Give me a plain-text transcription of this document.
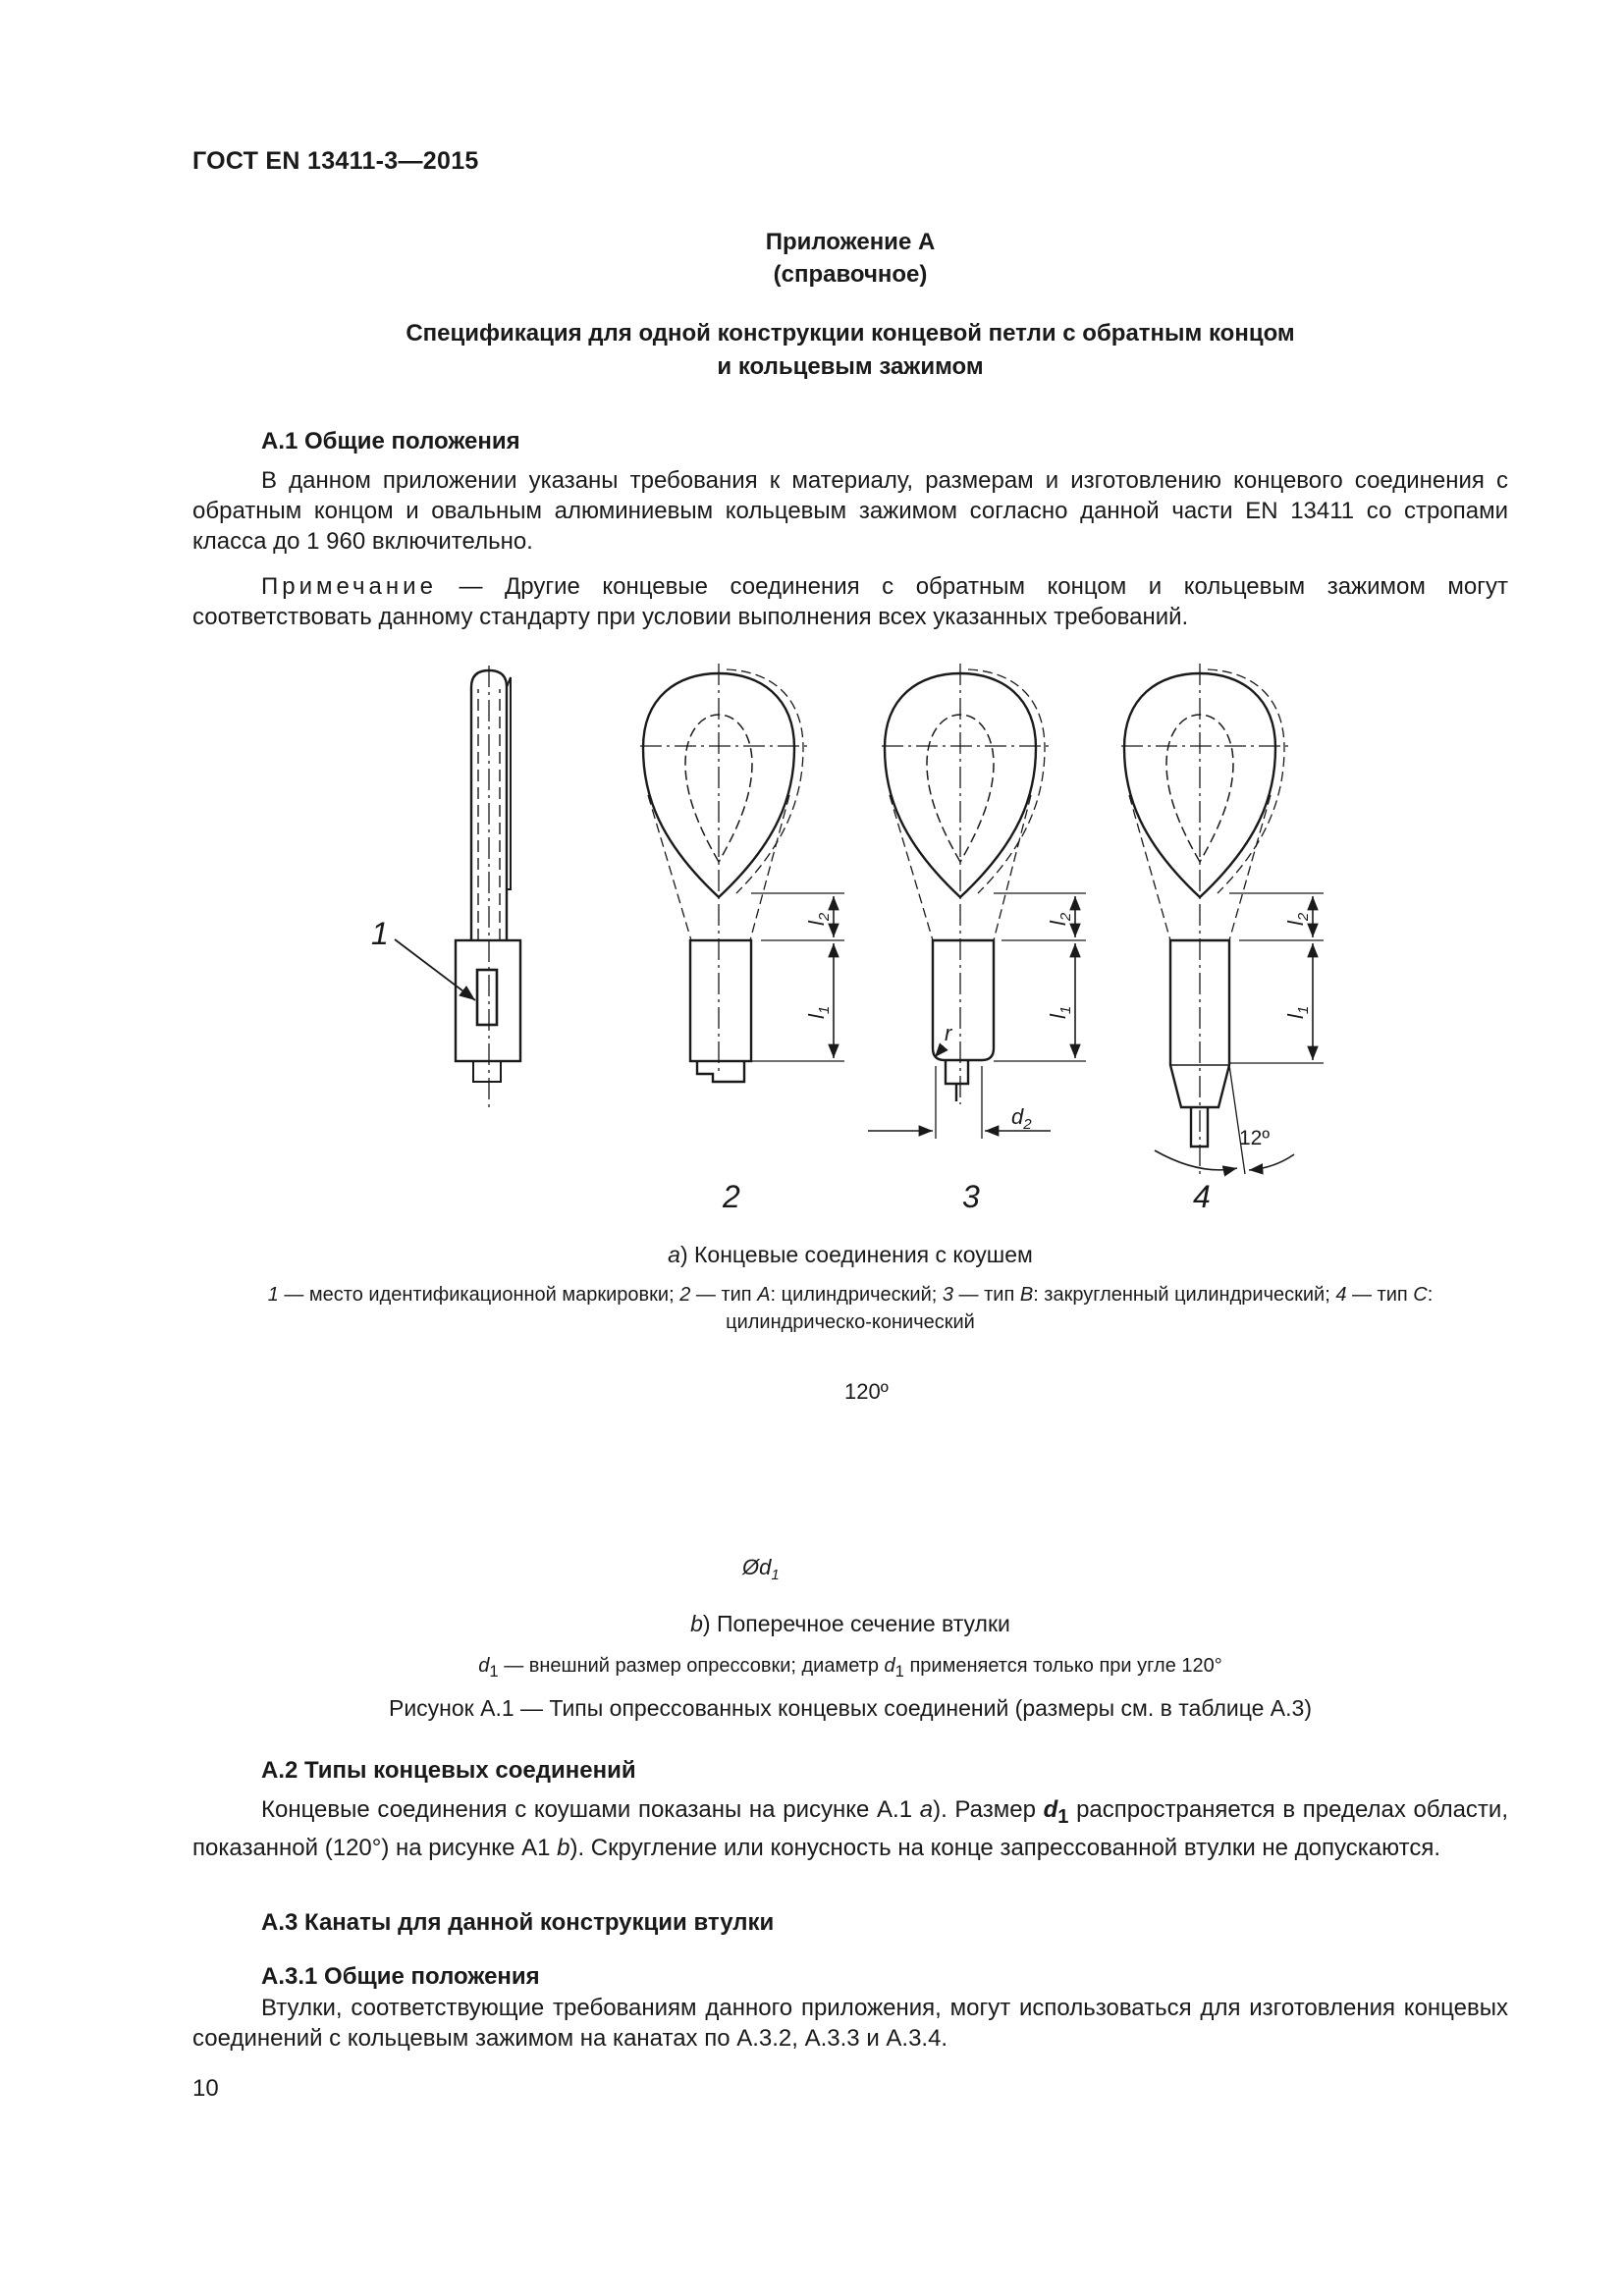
ГОСТ EN 13411-3—2015
Приложение А
(справочное)
Спецификация для одной конструкции концевой петли с обратным концом
и кольцевым зажимом
А.1 Общие положения

В данном приложении указаны требования к материалу, размерам и изготовлению концевого соединения с обратным концом и овальным алюминиевым кольцевым зажимом согласно данной части EN 13411 со стропами класса до 1 960 включительно.

Примечание — Другие концевые соединения с обратным концом и кольцевым зажимом могут соответствовать данному стандарту при условии выполнения всех указанных требований.

1
2	3	4
$l_2$
$l_1$
$l_2$
$l_1$
r
$d_2$
$l_2$
$l_1$
12º
120º
$Ød_1$
a) Концевые соединения с коушем
1 — место идентификационной маркировки; 2 — тип А: цилиндрический; 3 — тип В: закругленный цилиндрический; 4 — тип С:
цилиндрическо-конический
b) Поперечное сечение втулки
$d_1$ — внешний размер опрессовки; диаметр $d_1$ применяется только при угле 120°
Рисунок А.1 — Типы опрессованных концевых соединений (размеры см. в таблице А.3)
А.2 Типы концевых соединений

Концевые соединения с коушами показаны на рисунке А.1 a). Размер $d_1$ распространяется в пределах области, показанной (120°) на рисунке А1 b). Скругление или конусность на конце запрессованной втулки не допускаются.

А.3 Канаты для данной конструкции втулки
А.3.1 Общие положения

Втулки, соответствующие требованиям данного приложения, могут использоваться для изготовления концевых соединений с кольцевым зажимом на канатах по А.3.2, А.3.3 и А.3.4.

10
